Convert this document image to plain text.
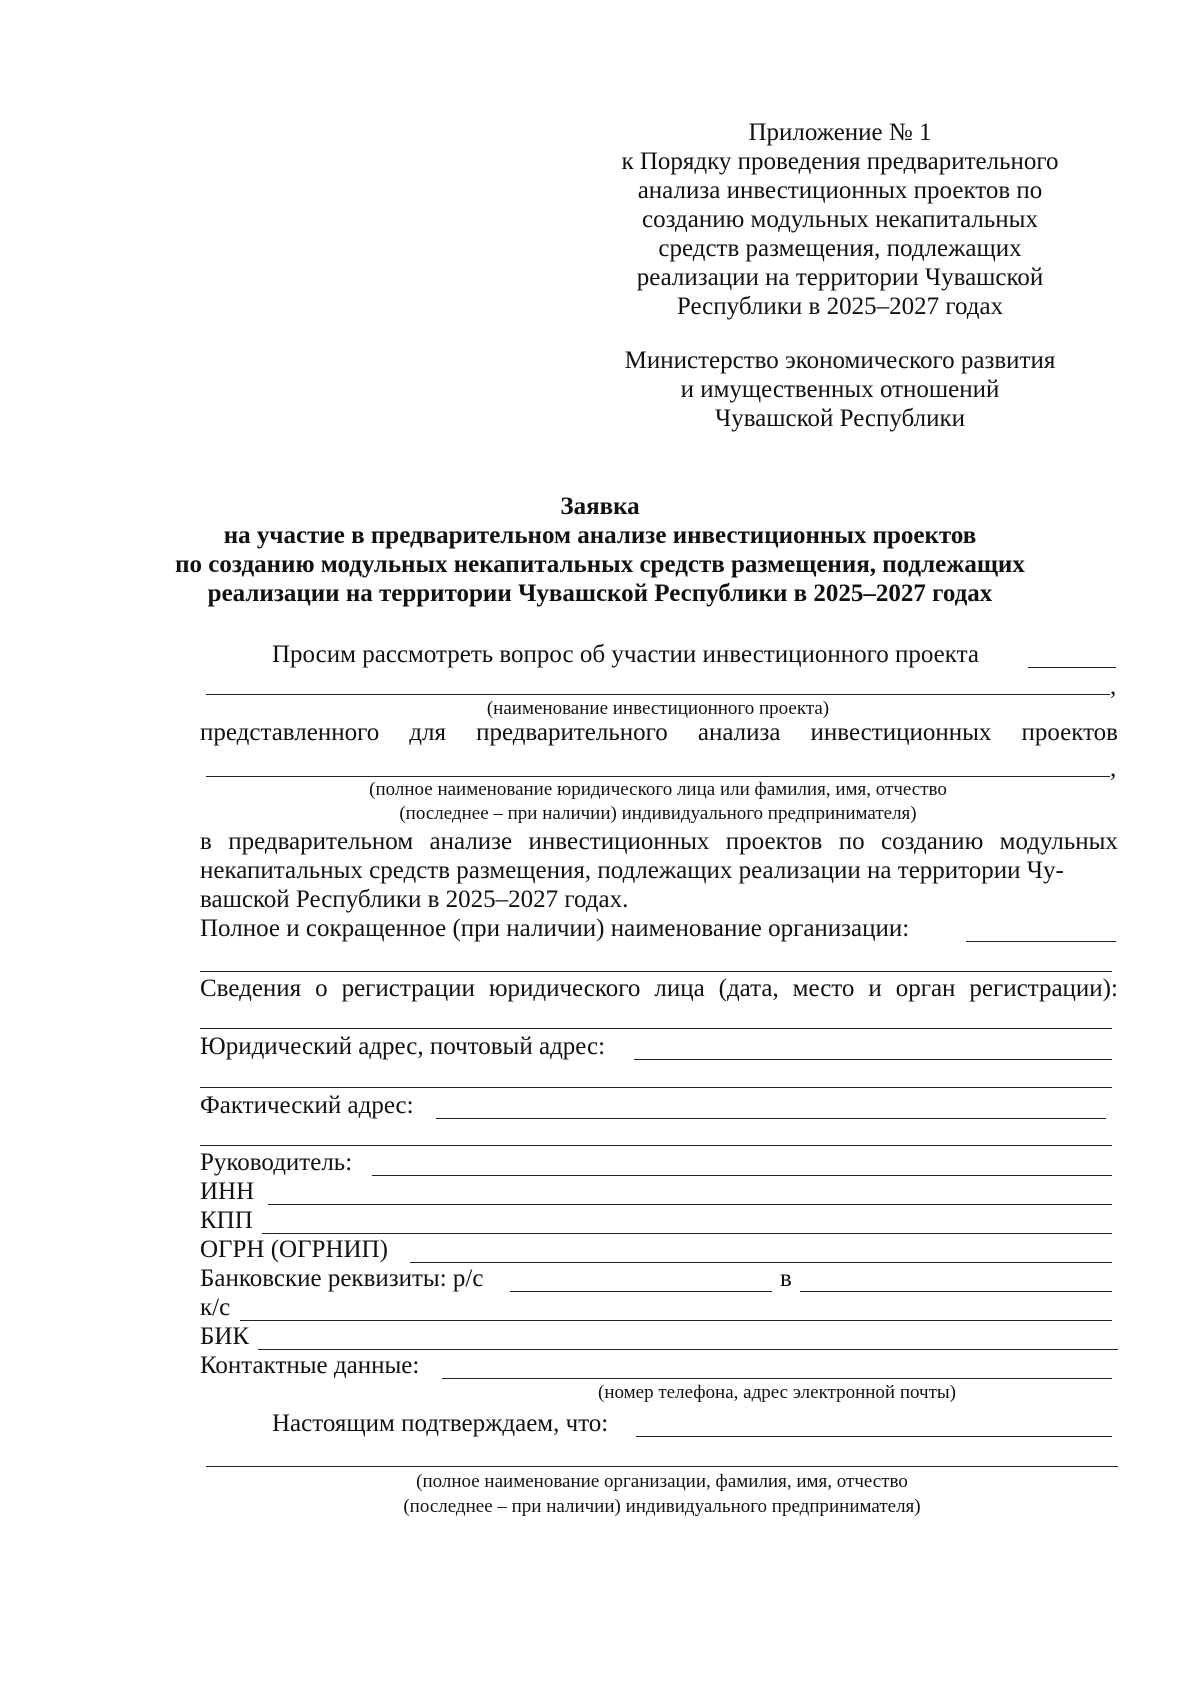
Приложение № 1
к Порядку проведения предварительного
анализа инвестиционных проектов по
созданию модульных некапитальных
средств размещения, подлежащих
реализации на территории Чувашской
Республики в 2025–2027 годах
Министерство экономического развития
и имущественных отношений
Чувашской Республики
Заявка
на участие в предварительном анализе инвестиционных проектов
по созданию модульных некапитальных средств размещения, подлежащих
реализации на территории Чувашской Республики в 2025–2027 годах
Просим рассмотреть вопрос об участии инвестиционного проекта
,
(наименование инвестиционного проекта)
представленного для предварительного анализа инвестиционных проектов
,
(полное наименование юридического лица или фамилия, имя, отчество
(последнее – при наличии) индивидуального предпринимателя)
в предварительном анализе инвестиционных проектов по созданию модульных
некапитальных средств размещения, подлежащих реализации на территории Чу-
вашской Республики в 2025–2027 годах.
Полное и сокращенное (при наличии) наименование организации:
Сведения о регистрации юридического лица (дата, место и орган регистрации):
Юридический адрес, почтовый адрес:
Фактический адрес:
Руководитель:
ИНН
КПП
ОГРН (ОГРНИП)
Банковские реквизиты: р/с	в
к/с
БИК
Контактные данные:
(номер телефона, адрес электронной почты)
Настоящим подтверждаем, что:
(полное наименование организации, фамилия, имя, отчество
(последнее – при наличии) индивидуального предпринимателя)
